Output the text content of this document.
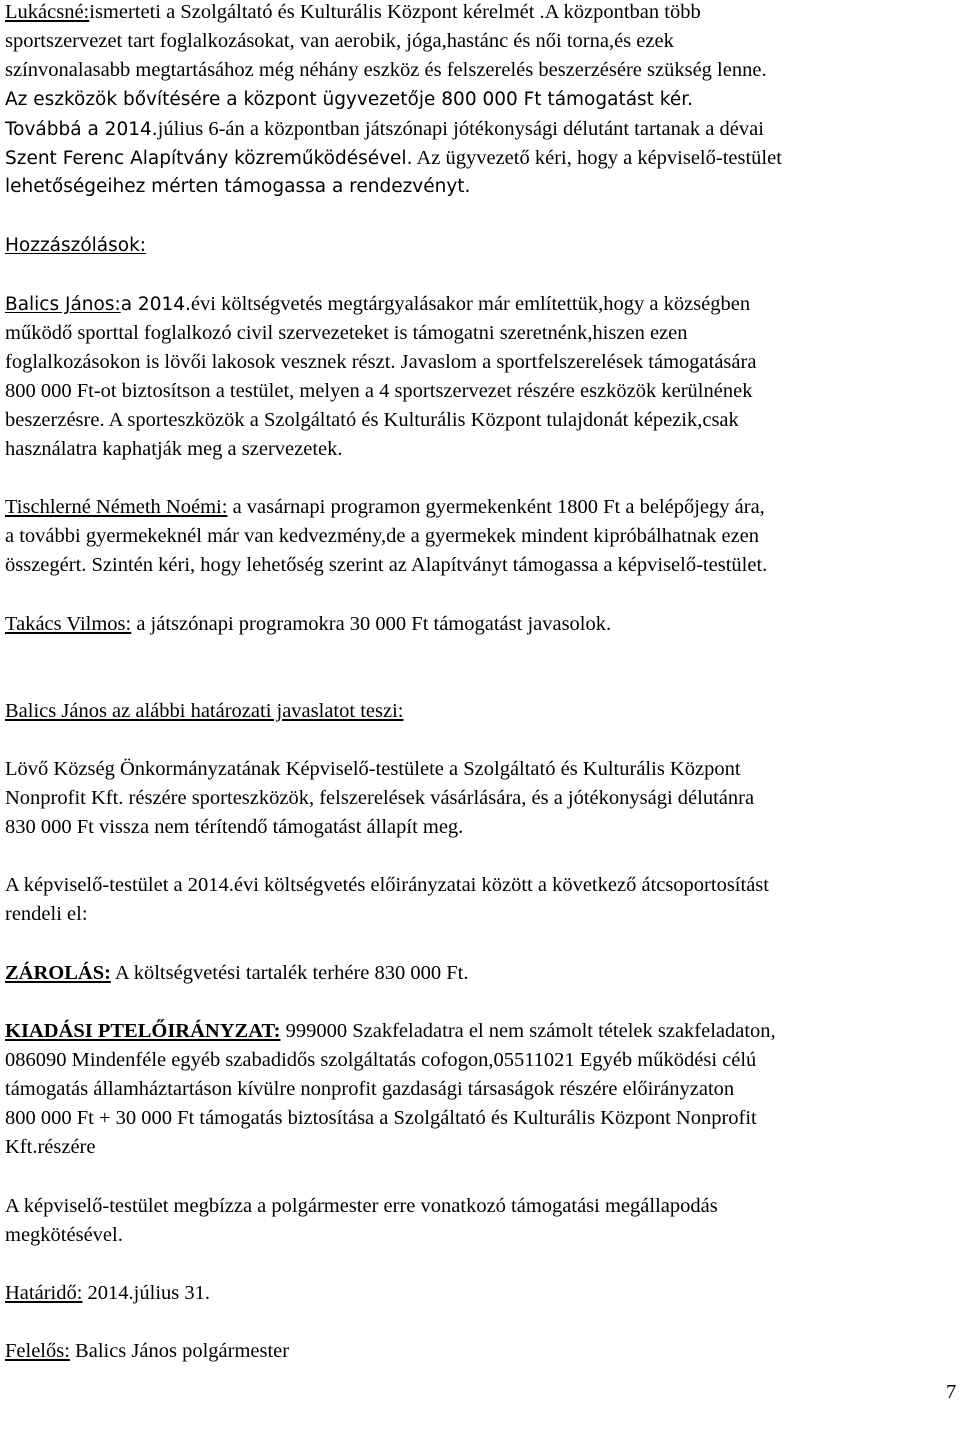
Lukácsné:ismerteti a Szolgáltató és Kulturális Központ kérelmét .A központban több
sportszervezet tart foglalkozásokat, van aerobik, jóga,hastánc és női torna,és ezek
színvonalasabb megtartásához még néhány eszköz és felszerelés beszerzésére szükség lenne.
Az eszközök bővítésére a központ ügyvezetője 800 000 Ft támogatást kér.
Továbbá a 2014.július 6-án a központban játszónapi jótékonysági délutánt tartanak a dévai
Szent Ferenc Alapítvány közreműködésével. Az ügyvezető kéri, hogy a képviselő-testület
lehetőségeihez mérten támogassa a rendezvényt.
Hozzászólások:
Balics János:a 2014.évi költségvetés megtárgyalásakor már említettük,hogy a községben
működő sporttal foglalkozó civil szervezeteket is támogatni szeretnénk,hiszen ezen
foglalkozásokon is lövői lakosok vesznek részt. Javaslom a sportfelszerelések támogatására
800 000 Ft-ot biztosítson a testület, melyen a 4 sportszervezet részére eszközök kerülnének
beszerzésre. A sporteszközök a Szolgáltató és Kulturális Központ tulajdonát képezik,csak
használatra kaphatják meg a szervezetek.
Tischlerné Németh Noémi: a vasárnapi programon gyermekenként 1800 Ft a belépőjegy ára,
a további gyermekeknél már van kedvezmény,de a gyermekek mindent kipróbálhatnak ezen
összegért. Szintén kéri, hogy lehetőség szerint az Alapítványt támogassa a képviselő-testület.
Takács Vilmos: a játszónapi programokra 30 000 Ft támogatást javasolok.
Balics János az alábbi határozati javaslatot teszi:
Lövő Község Önkormányzatának Képviselő-testülete a Szolgáltató és Kulturális Központ
Nonprofit Kft. részére sporteszközök, felszerelések vásárlására, és a jótékonysági délutánra
830 000 Ft vissza nem térítendő támogatást állapít meg.
A képviselő-testület a 2014.évi költségvetés előirányzatai között a következő átcsoportosítást
rendeli el:
ZÁROLÁS: A költségvetési tartalék terhére 830 000 Ft.
KIADÁSI PTELŐIRÁNYZAT: 999000 Szakfeladatra el nem számolt tételek szakfeladaton,
086090 Mindenféle egyéb szabadidős szolgáltatás cofogon,05511021 Egyéb működési célú
támogatás államháztartáson kívülre nonprofit gazdasági társaságok részére előirányzaton
800 000 Ft + 30 000 Ft támogatás biztosítása a Szolgáltató és Kulturális Központ Nonprofit
Kft.részére
A képviselő-testület megbízza a polgármester erre vonatkozó támogatási megállapodás
megkötésével.
Határidő: 2014.július 31.
Felelős: Balics János polgármester
7
